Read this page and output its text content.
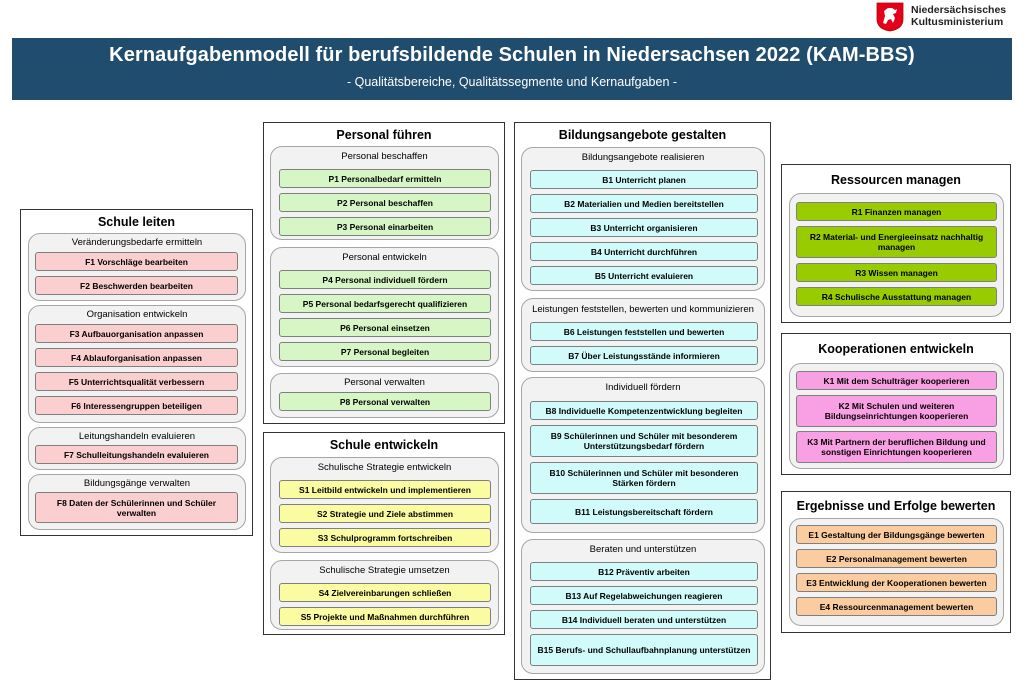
Niedersächsisches
Kultusministerium
Kernaufgabenmodell für berufsbildende Schulen in Niedersachsen 2022 (KAM-BBS)
- Qualitätsbereiche, Qualitätssegmente und Kernaufgaben -
Schule leiten
Veränderungsbedarfe ermitteln
F1 Vorschläge bearbeiten
F2 Beschwerden bearbeiten
Organisation entwickeln
F3 Aufbauorganisation anpassen
F4 Ablauforganisation anpassen
F5 Unterrichtsqualität verbessern
F6 Interessengruppen beteiligen
Leitungshandeln evaluieren
F7 Schulleitungshandeln evaluieren
Bildungsgänge verwalten
F8 Daten der Schülerinnen und Schüler verwalten
Personal führen
Personal beschaffen
P1 Personalbedarf ermitteln
P2 Personal beschaffen
P3 Personal einarbeiten
Personal entwickeln
P4 Personal individuell fördern
P5 Personal bedarfsgerecht qualifizieren
P6 Personal einsetzen
P7 Personal begleiten
Personal verwalten
P8 Personal verwalten
Schule entwickeln
Schulische Strategie entwickeln
S1 Leitbild entwickeln und implementieren
S2 Strategie und Ziele abstimmen
S3 Schulprogramm fortschreiben
Schulische Strategie umsetzen
S4 Zielvereinbarungen schließen
S5 Projekte und Maßnahmen durchführen
Bildungsangebote gestalten
Bildungsangebote realisieren
B1 Unterricht planen
B2 Materialien und Medien bereitstellen
B3 Unterricht organisieren
B4 Unterricht durchführen
B5 Unterricht evaluieren
Leistungen feststellen, bewerten und kommunizieren
B6 Leistungen feststellen und bewerten
B7 Über Leistungsstände informieren
Individuell fördern
B8 Individuelle Kompetenzentwicklung begleiten
B9 Schülerinnen und Schüler mit besonderem Unterstützungsbedarf fördern
B10 Schülerinnen und Schüler mit besonderen Stärken fördern
B11 Leistungsbereitschaft fördern
Beraten und unterstützen
B12 Präventiv arbeiten
B13 Auf Regelabweichungen reagieren
B14 Individuell beraten und unterstützen
B15 Berufs- und Schullaufbahnplanung unterstützen
Ressourcen managen
R1 Finanzen managen
R2 Material- und Energieeinsatz nachhaltig managen
R3 Wissen managen
R4 Schulische Ausstattung managen
Kooperationen entwickeln
K1 Mit dem Schulträger kooperieren
K2 Mit Schulen und weiteren Bildungseinrichtungen kooperieren
K3 Mit Partnern der beruflichen Bildung und sonstigen Einrichtungen kooperieren
Ergebnisse und Erfolge bewerten
E1 Gestaltung der Bildungsgänge bewerten
E2 Personalmanagement bewerten
E3 Entwicklung der Kooperationen bewerten
E4 Ressourcenmanagement bewerten
